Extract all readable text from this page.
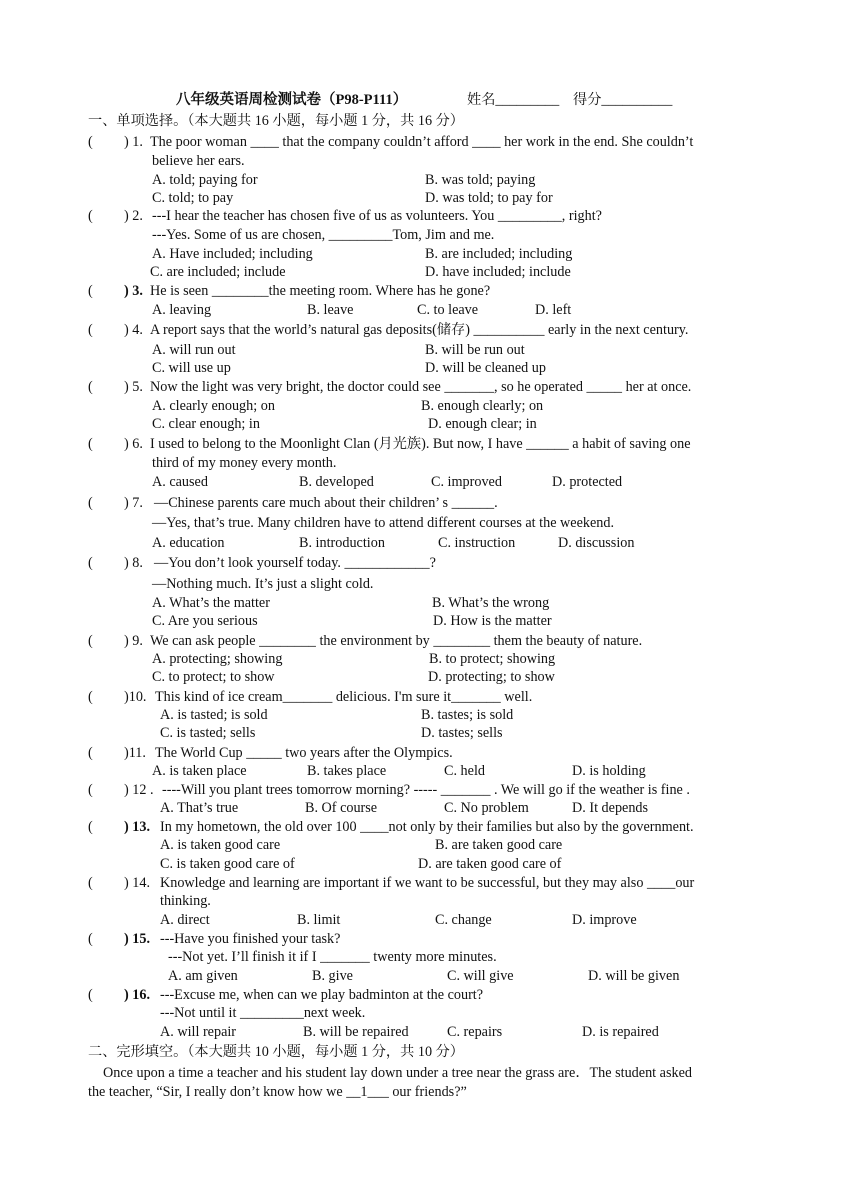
八年级英语周检测试卷（P98-P111）	姓名_________ 得分__________
一、单项选择。（本大题共 16 小题，每小题 1 分，共 16 分）
( ) 1. The poor woman ____ that the company couldn’t afford ____ her work in the end. She couldn’t
believe her ears.
A. told; paying for	B. was told; paying
C. told; to pay	D. was told; to pay for
( ) 2. ---I hear the teacher has chosen five of us as volunteers. You _________, right?
---Yes. Some of us are chosen, _________Tom, Jim and me.
A. Have included; including	B. are included; including
C. are included; include	D. have included; include
( ) 3. He is seen ________the meeting room. Where has he gone?
A. leaving	B. leave	C. to leave	D. left
( ) 4. A report says that the world’s natural gas deposits(储存) __________ early in the next century.
A. will run out	B. will be run out
C. will use up	D. will be cleaned up
( ) 5. Now the light was very bright, the doctor could see _______, so he operated _____ her at once.
A. clearly enough; on	B. enough clearly; on
C. clear enough; in	D. enough clear; in
( ) 6. I used to belong to the Moonlight Clan (月光族). But now, I have ______ a habit of saving one
third of my money every month.
A. caused	B. developed	C. improved	D. protected
( ) 7. —Chinese parents care much about their children’ s ______.
—Yes, that’s true. Many children have to attend different courses at the weekend.
A. education	B. introduction	C. instruction	D. discussion
( ) 8. —You don’t look yourself today. ____________?
—Nothing much. It’s just a slight cold.
A. What’s the matter	B. What’s the wrong
C. Are you serious	D. How is the matter
( ) 9. We can ask people ________ the environment by ________ them the beauty of nature.
A. protecting; showing	B. to protect; showing
C. to protect; to show	D. protecting; to show
( )10. This kind of ice cream_______ delicious. I'm sure it_______ well.
A. is tasted; is sold	B. tastes; is sold
C. is tasted; sells	D. tastes; sells
( )11. The World Cup _____ two years after the Olympics.
A. is taken place	B. takes place	C. held	D. is holding
( ) 12 . ----Will you plant trees tomorrow morning? ----- _______ . We will go if the weather is fine .
A. That’s true	B. Of course	C. No problem	D. It depends
( ) 13. In my hometown, the old over 100 ____not only by their families but also by the government.
A. is taken good care	B. are taken good care
C. is taken good care of	D. are taken good care of
( ) 14. Knowledge and learning are important if we want to be successful, but they may also ____our
thinking.
A. direct	B. limit	C. change	D. improve
( ) 15. ---Have you finished your task?
---Not yet. I’ll finish it if I _______ twenty more minutes.
A. am given	B. give	C. will give	D. will be given
( ) 16. ---Excuse me, when can we play badminton at the court?
---Not until it _________next week.
A. will repair	B. will be repaired	C. repairs	D. is repaired
二、完形填空。（本大题共 10 小题，每小题 1 分，共 10 分）
Once upon a time a teacher and his student lay down under a tree near the grass are．The student asked
the teacher, “Sir, I really don’t know how we __1___ our friends?”
